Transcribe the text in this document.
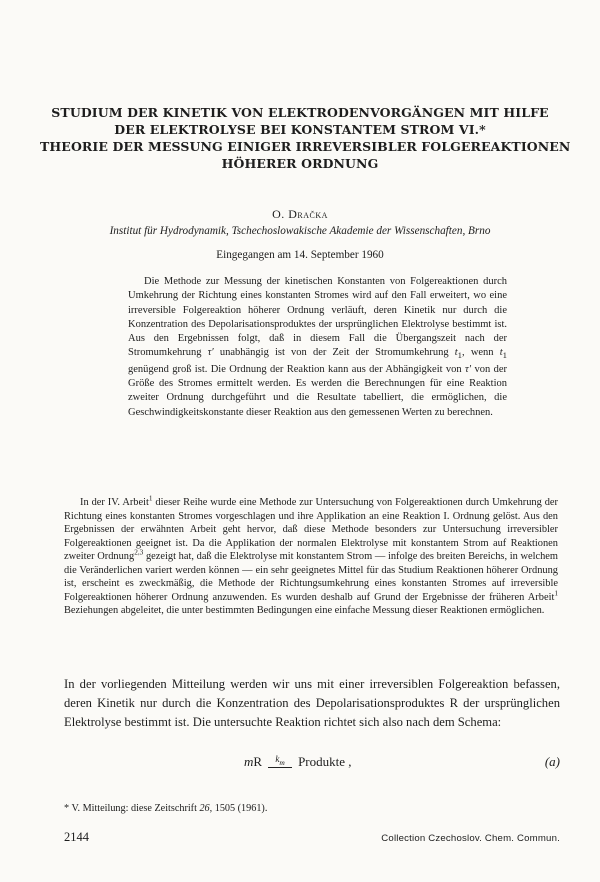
STUDIUM DER KINETIK VON ELEKTRODENVORGÄNGEN MIT HILFE
DER ELEKTROLYSE BEI KONSTANTEM STROM VI.*
THEORIE DER MESSUNG EINIGER IRREVERSIBLER FOLGEREAKTIONEN
HÖHERER ORDNUNG
O. Dračka
Institut für Hydrodynamik, Tschechoslowakische Akademie der Wissenschaften, Brno
Eingegangen am 14. September 1960
Die Methode zur Messung der kinetischen Konstanten von Folgereaktionen durch Umkehrung der Richtung eines konstanten Stromes wird auf den Fall erweitert, wo eine irreversible Folgereaktion höherer Ordnung verläuft, deren Kinetik nur durch die Konzentration des Depolarisationsproduktes der ursprünglichen Elektrolyse bestimmt ist. Aus den Ergebnissen folgt, daß in diesem Fall die Übergangszeit nach der Stromumkehrung τ′ unabhängig ist von der Zeit der Stromumkehrung $t_1$, wenn $t_1$ genügend groß ist. Die Ordnung der Reaktion kann aus der Abhängigkeit von τ′ von der Größe des Stromes ermittelt werden. Es werden die Berechnungen für eine Reaktion zweiter Ordnung durchgeführt und die Resultate tabelliert, die ermöglichen, die Geschwindigkeitskonstante dieser Reaktion aus den gemessenen Werten zu berechnen.
In der IV. Arbeit$^1$ dieser Reihe wurde eine Methode zur Untersuchung von Folgereaktionen durch Umkehrung der Richtung eines konstanten Stromes vorgeschlagen und ihre Applikation an eine Reaktion I. Ordnung gelöst. Aus den Ergebnissen der erwähnten Arbeit geht hervor, daß diese Methode besonders zur Untersuchung irreversibler Folgereaktionen geeignet ist. Da die Applikation der normalen Elektrolyse mit konstantem Strom auf Reaktionen zweiter Ordnung$^{2,3}$ gezeigt hat, daß die Elektrolyse mit konstantem Strom — infolge des breiten Bereichs, in welchem die Veränderlichen variert werden können — ein sehr geeignetes Mittel für das Studium Reaktionen höherer Ordnung ist, erscheint es zweckmäßig, die Methode der Richtungsumkehrung eines konstanten Stromes auf irreversible Folgereaktionen höherer Ordnung anzuwenden. Es wurden deshalb auf Grund der Ergebnisse der früheren Arbeit$^1$ Beziehungen abgeleitet, die unter bestimmten Bedingungen eine einfache Messung dieser Reaktionen ermöglichen.
In der vorliegenden Mitteilung werden wir uns mit einer irreversiblen Folgereaktion befassen, deren Kinetik nur durch die Konzentration des Depolarisationsproduktes R der ursprünglichen Elektrolyse bestimmt ist. Die untersuchte Reaktion richtet sich also nach dem Schema:
mR $k_m$ Produkte ,	(a)
* V. Mitteilung: diese Zeitschrift 26, 1505 (1961).
2144	Collection Czechoslov. Chem. Commun.
